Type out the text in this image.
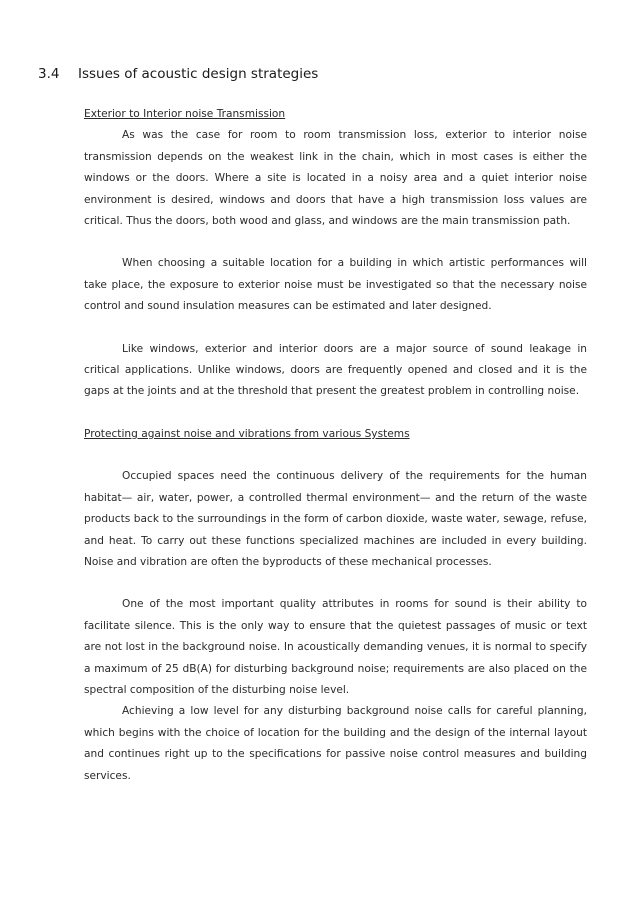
3.4 Issues of acoustic design strategies

Exterior to Interior noise Transmission

As was the case for room to room transmission loss, exterior to interior noise transmission depends on the weakest link in the chain, which in most cases is either the windows or the doors. Where a site is located in a noisy area and a quiet interior noise environment is desired, windows and doors that have a high transmission loss values are critical. Thus the doors, both wood and glass, and windows are the main transmission path.

When choosing a suitable location for a building in which artistic performances will take place, the exposure to exterior noise must be investigated so that the necessary noise control and sound insulation measures can be estimated and later designed.

Like windows, exterior and interior doors are a major source of sound leakage in critical applications. Unlike windows, doors are frequently opened and closed and it is the gaps at the joints and at the threshold that present the greatest problem in controlling noise.

Protecting against noise and vibrations from various Systems

Occupied spaces need the continuous delivery of the requirements for the human habitat— air, water, power, a controlled thermal environment— and the return of the waste products back to the surroundings in the form of carbon dioxide, waste water, sewage, refuse, and heat. To carry out these functions specialized machines are included in every building. Noise and vibration are often the byproducts of these mechanical processes.

One of the most important quality attributes in rooms for sound is their ability to facilitate silence. This is the only way to ensure that the quietest passages of music or text are not lost in the background noise. In acoustically demanding venues, it is normal to specify a maximum of 25 dB(A) for disturbing background noise; requirements are also placed on the spectral composition of the disturbing noise level.

Achieving a low level for any disturbing background noise calls for careful planning, which begins with the choice of location for the building and the design of the internal layout and continues right up to the specifications for passive noise control measures and building services.
